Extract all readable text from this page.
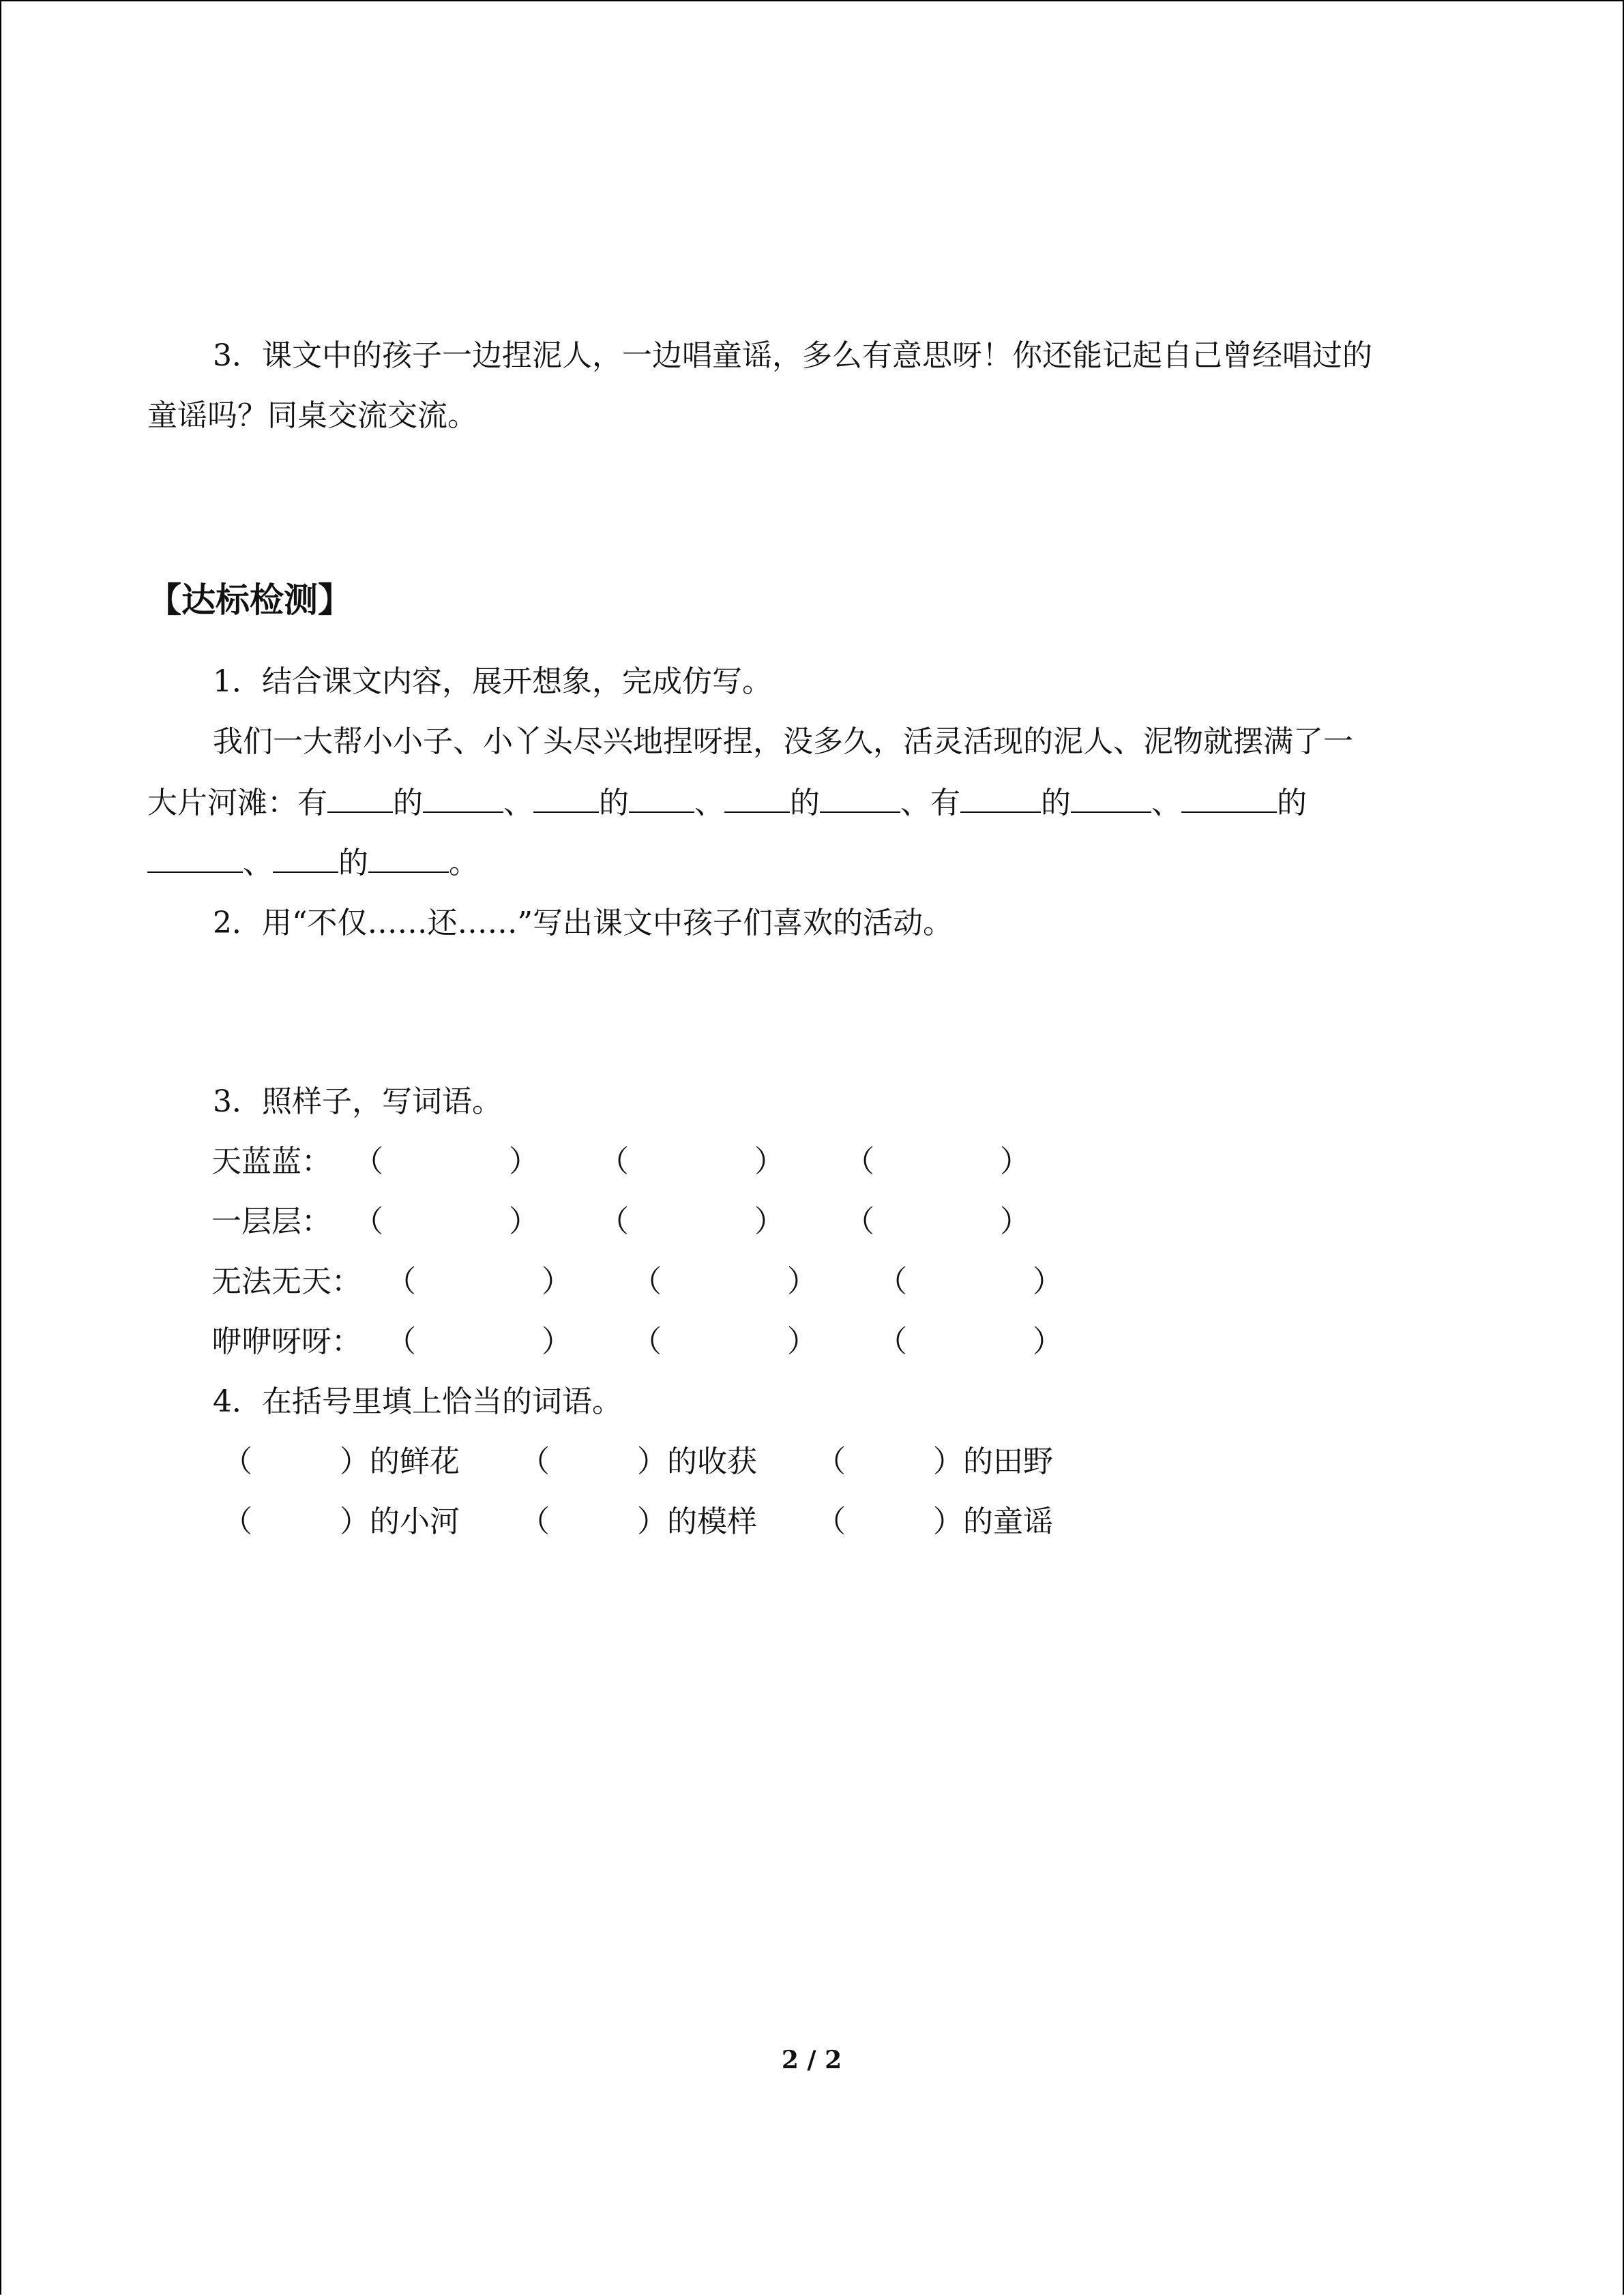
3．课文中的孩子一边捏泥人，一边唱童谣，多么有意思呀！你还能记起自己曾经唱过的
童谣吗？同桌交流交流。
【达标检测】
1．结合课文内容，展开想象，完成仿写。
我们一大帮小小子、小丫头尽兴地捏呀捏，没多久，活灵活现的泥人、泥物就摆满了一
大片河滩：有 的	、 的 、 的	、有	的	、	的
、 的	。
2．用“不仅……还……”写出课文中孩子们喜欢的活动。
3．照样子，写词语。
天蓝蓝： （	） （	） （	）
一层层： （	） （	） （	）
无法无天： （	） （	） （	）
咿咿呀呀： （	） （	） （	）
4．在括号里填上恰当的词语。
（	）的鲜花 （	）的收获 （	）的田野
（	）的小河 （	）的模样 （	）的童谣
2 / 2
